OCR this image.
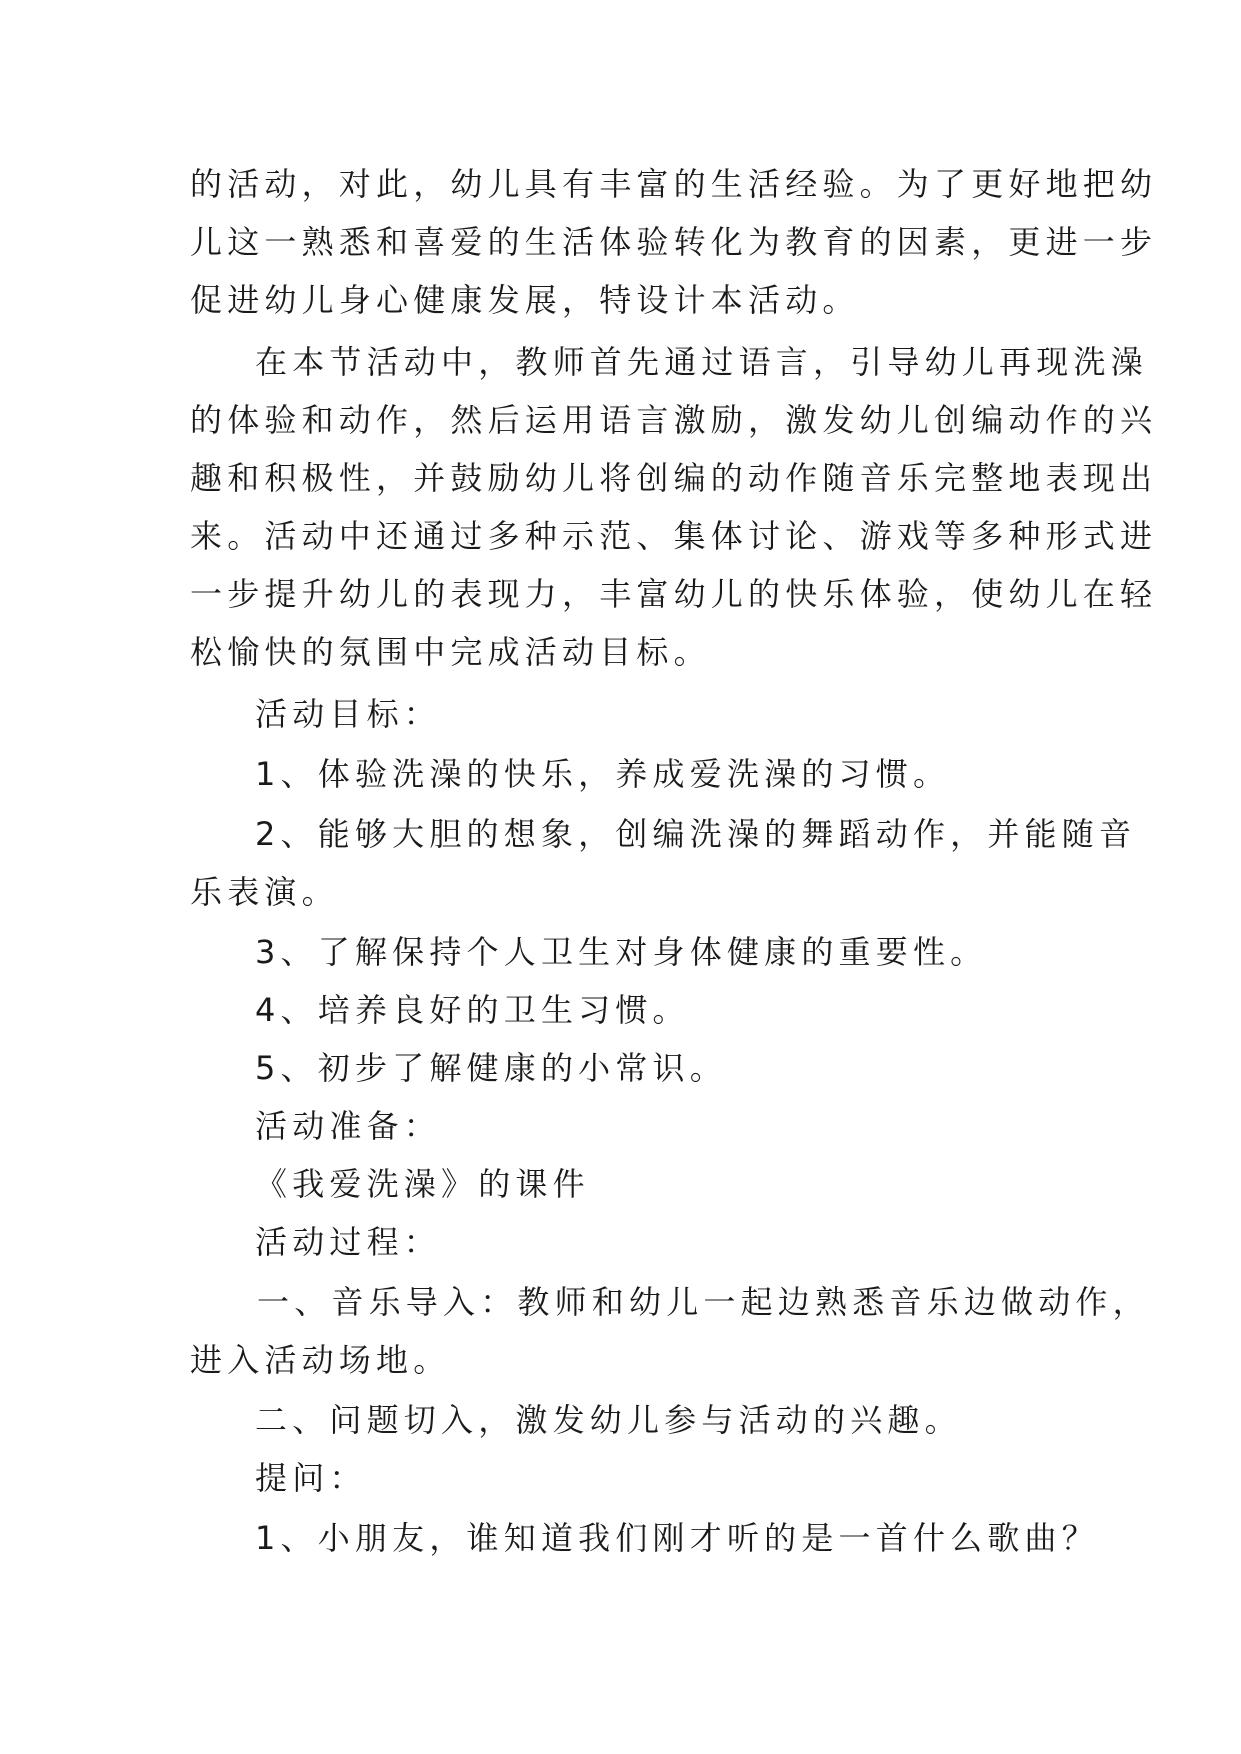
的活动，对此，幼儿具有丰富的生活经验。为了更好地把幼
儿这一熟悉和喜爱的生活体验转化为教育的因素，更进一步
促进幼儿身心健康发展，特设计本活动。
在本节活动中，教师首先通过语言，引导幼儿再现洗澡
的体验和动作，然后运用语言激励，激发幼儿创编动作的兴
趣和积极性，并鼓励幼儿将创编的动作随音乐完整地表现出
来。活动中还通过多种示范、集体讨论、游戏等多种形式进
一步提升幼儿的表现力，丰富幼儿的快乐体验，使幼儿在轻
松愉快的氛围中完成活动目标。
活动目标：
1、体验洗澡的快乐，养成爱洗澡的习惯。
2、能够大胆的想象，创编洗澡的舞蹈动作，并能随音
乐表演。
3、了解保持个人卫生对身体健康的重要性。
4、培养良好的卫生习惯。
5、初步了解健康的小常识。
活动准备：
《我爱洗澡》的课件
活动过程：
一、音乐导入：教师和幼儿一起边熟悉音乐边做动作，
进入活动场地。
二、问题切入，激发幼儿参与活动的兴趣。
提问：
1、小朋友，谁知道我们刚才听的是一首什么歌曲？
